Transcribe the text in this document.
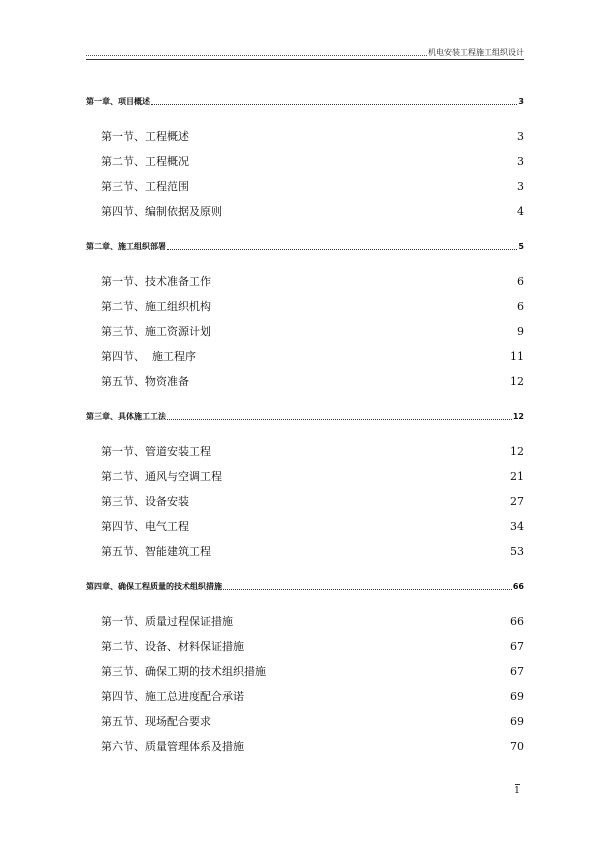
机电安装工程施工组织设计
第一章、项目概述	3
第一节、工程概述	3
第二节、工程概况	3
第三节、工程范围	3
第四节、编制依据及原则	4
第二章、施工组织部署	5
第一节、技术准备工作	6
第二节、施工组织机构	6
第三节、施工资源计划	9
第四节、  施工程序	11
第五节、物资准备	12
第三章、具体施工工法	12
第一节、管道安装工程	12
第二节、通风与空调工程	21
第三节、设备安装	27
第四节、电气工程	34
第五节、智能建筑工程	53
第四章、确保工程质量的技术组织措施	66
第一节、质量过程保证措施	66
第二节、设备、材料保证措施	67
第三节、确保工期的技术组织措施	67
第四节、施工总进度配合承诺	69
第五节、现场配合要求	69
第六节、质量管理体系及措施	70
1
